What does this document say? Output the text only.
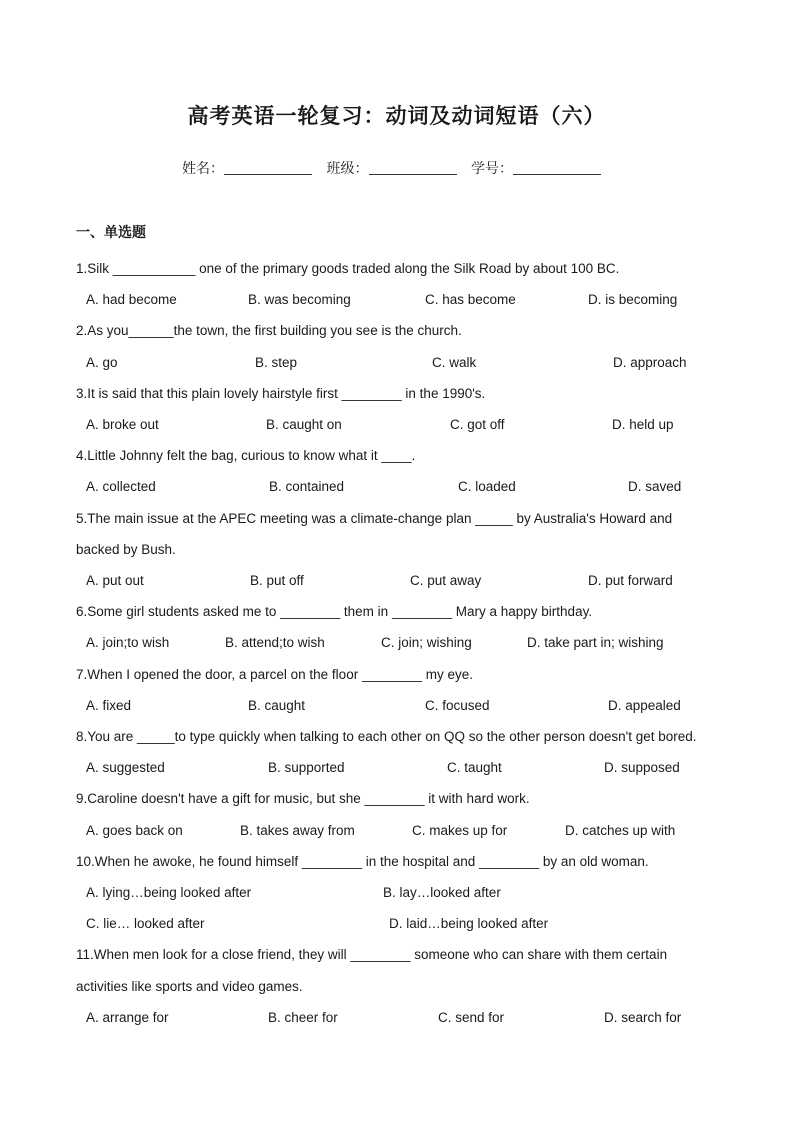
高考英语一轮复习：动词及动词短语（六）
姓名：	班级：	学号：
一、单选题
1.Silk ___________ one of the primary goods traded along the Silk Road by about 100 BC.
A. had become	B. was becoming	C. has become	D. is becoming
2.As you______the town, the first building you see is the church.
A. go	B. step	C. walk	D. approach
3.It is said that this plain lovely hairstyle first ________ in the 1990's.
A. broke out	B. caught on	C. got off	D. held up
4.Little Johnny felt the bag, curious to know what it ____.
A. collected	B. contained	C. loaded	D. saved
5.The main issue at the APEC meeting was a climate-change plan _____ by Australia's Howard and
backed by Bush.
A. put out	B. put off	C. put away	D. put forward
6.Some girl students asked me to ________ them in ________ Mary a happy birthday.
A. join;to wish	B. attend;to wish	C. join; wishing	D. take part in; wishing
7.When I opened the door, a parcel on the floor ________ my eye.
A. fixed	B. caught	C. focused	D. appealed
8.You are _____to type quickly when talking to each other on QQ so the other person doesn't get bored.
A. suggested	B. supported	C. taught	D. supposed
9.Caroline doesn't have a gift for music, but she ________ it with hard work.
A. goes back on	B. takes away from	C. makes up for	D. catches up with
10.When he awoke, he found himself ________ in the hospital and ________ by an old woman.
A. lying…being looked after	B. lay…looked after
C. lie… looked after	D. laid…being looked after
11.When men look for a close friend, they will ________ someone who can share with them certain
activities like sports and video games.
A. arrange for	B. cheer for	C. send for	D. search for
